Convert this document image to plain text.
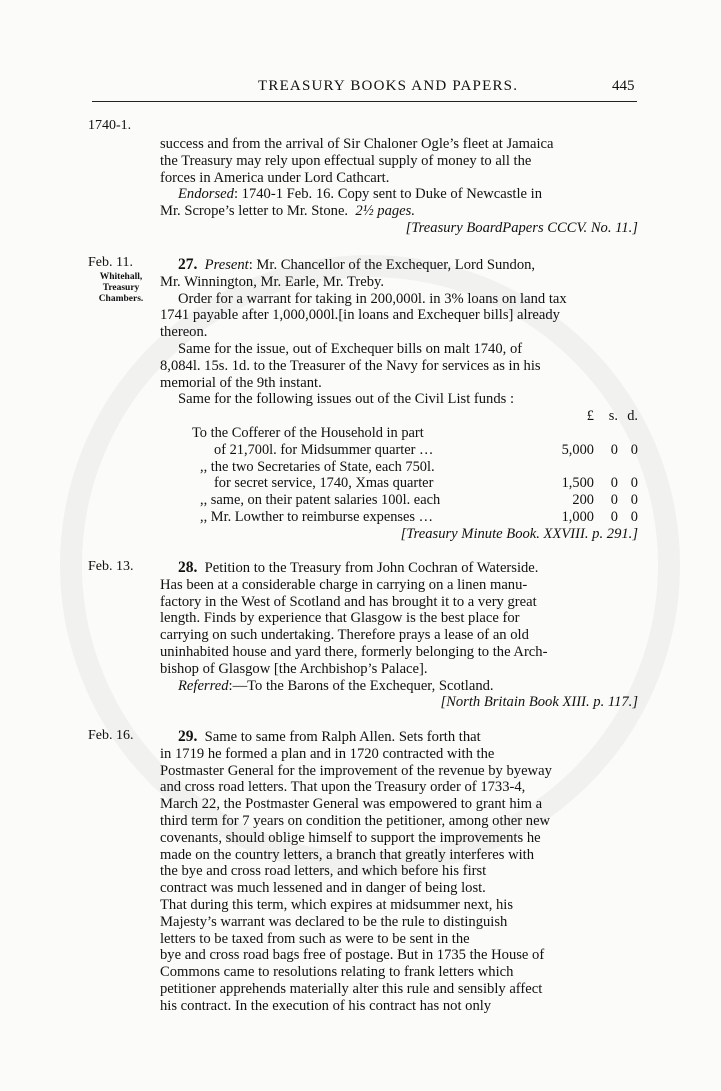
TREASURY BOOKS AND PAPERS.	445
1740-1.

success and from the arrival of Sir Chaloner Ogle’s fleet at Jamaica

the Treasury may rely upon effectual supply of money to all the

forces in America under Lord Cathcart.

Endorsed: 1740-1 Feb. 16. Copy sent to Duke of Newcastle in

Mr. Scrope’s letter to Mr. Stone. 2½ pages.

[Treasury BoardPapers CCCV. No. 11.]

Feb. 11.
Whitehall,
Treasury
Chambers.

27. Present: Mr. Chancellor of the Exchequer, Lord Sundon,

Mr. Winnington, Mr. Earle, Mr. Treby.

Order for a warrant for taking in 200,000l. in 3% loans on land tax

1741 payable after 1,000,000l.[in loans and Exchequer bills] already

thereon.

Same for the issue, out of Exchequer bills on malt 1740, of

8,084l. 15s. 1d. to the Treasurer of the Navy for services as in his

memorial of the 9th instant.

Same for the following issues out of the Civil List funds :

£	s. d.
To the Cofferer of the Household in part
of 21,700l. for Midsummer quarter …	5,000	0 0
,, the two Secretaries of State, each 750l.
for secret service, 1740, Xmas quarter	1,500	0 0
,, same, on their patent salaries 100l. each	200	0 0
,, Mr. Lowther to reimburse expenses …	1,000	0 0

[Treasury Minute Book. XXVIII. p. 291.]

Feb. 13.	28. Petition to the Treasury from John Cochran of Waterside.

Has been at a considerable charge in carrying on a linen manu-

factory in the West of Scotland and has brought it to a very great

length. Finds by experience that Glasgow is the best place for

carrying on such undertaking. Therefore prays a lease of an old

uninhabited house and yard there, formerly belonging to the Arch-

bishop of Glasgow [the Archbishop’s Palace].

Referred:—To the Barons of the Exchequer, Scotland.

[North Britain Book XIII. p. 117.]

Feb. 16.	29. Same to same from Ralph Allen. Sets forth that

in 1719 he formed a plan and in 1720 contracted with the

Postmaster General for the improvement of the revenue by byeway

and cross road letters. That upon the Treasury order of 1733-4,

March 22, the Postmaster General was empowered to grant him a

third term for 7 years on condition the petitioner, among other new

covenants, should oblige himself to support the improvements he

made on the country letters, a branch that greatly interferes with

the bye and cross road letters, and which before his first

contract was much lessened and in danger of being lost.

That during this term, which expires at midsummer next, his

Majesty’s warrant was declared to be the rule to distinguish

letters to be taxed from such as were to be sent in the

bye and cross road bags free of postage. But in 1735 the House of

Commons came to resolutions relating to frank letters which

petitioner apprehends materially alter this rule and sensibly affect

his contract. In the execution of his contract has not only
